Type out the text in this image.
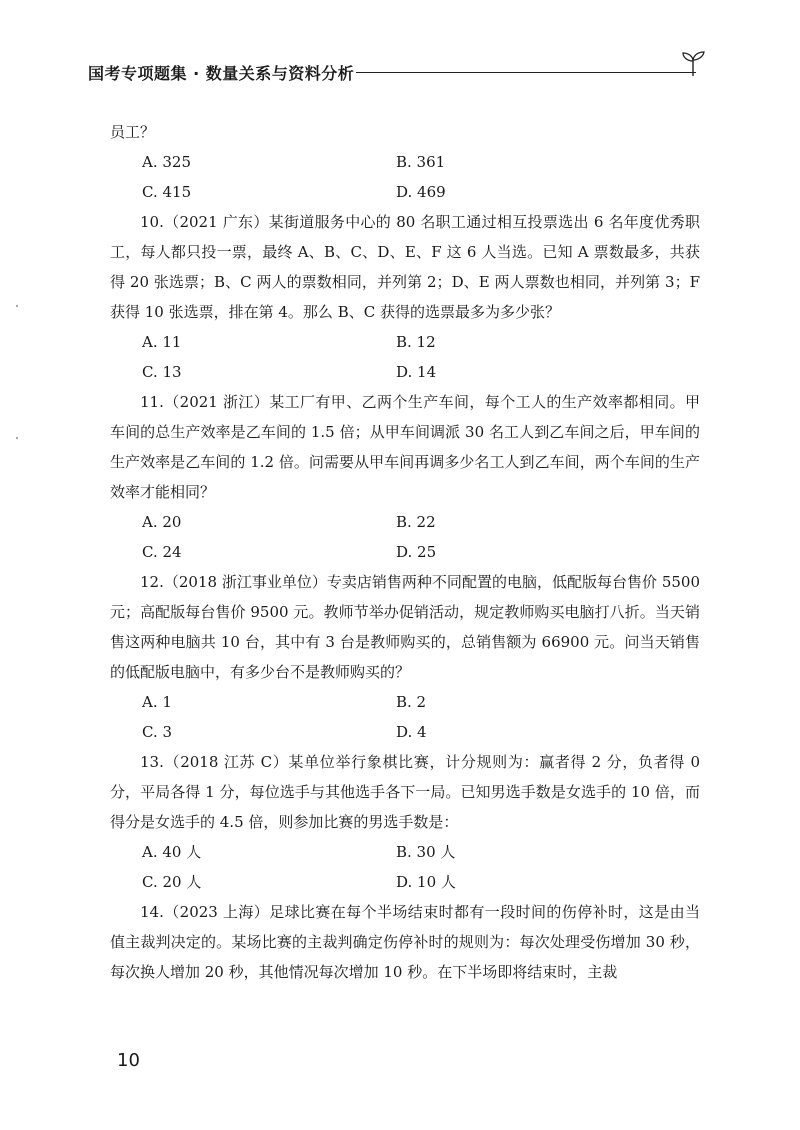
国考专项题集 · 数量关系与资料分析

员工？

A. 325	B. 361
C. 415	D. 469

10.（2021 广东）某街道服务中心的 80 名职工通过相互投票选出 6 名年度优秀职工，每人都只投一票，最终 A、B、C、D、E、F 这 6 人当选。已知 A 票数最多，共获得 20 张选票；B、C 两人的票数相同，并列第 2；D、E 两人票数也相同，并列第 3；F 获得 10 张选票，排在第 4。那么 B、C 获得的选票最多为多少张？

A. 11	B. 12
C. 13	D. 14

11.（2021 浙江）某工厂有甲、乙两个生产车间，每个工人的生产效率都相同。甲车间的总生产效率是乙车间的 1.5 倍；从甲车间调派 30 名工人到乙车间之后，甲车间的生产效率是乙车间的 1.2 倍。问需要从甲车间再调多少名工人到乙车间，两个车间的生产效率才能相同？

A. 20	B. 22
C. 24	D. 25

12.（2018 浙江事业单位）专卖店销售两种不同配置的电脑，低配版每台售价 5500 元；高配版每台售价 9500 元。教师节举办促销活动，规定教师购买电脑打八折。当天销售这两种电脑共 10 台，其中有 3 台是教师购买的，总销售额为 66900 元。问当天销售的低配版电脑中，有多少台不是教师购买的？

A. 1	B. 2
C. 3	D. 4

13.（2018 江苏 C）某单位举行象棋比赛，计分规则为：赢者得 2 分，负者得 0 分，平局各得 1 分，每位选手与其他选手各下一局。已知男选手数是女选手的 10 倍，而得分是女选手的 4.5 倍，则参加比赛的男选手数是：

A. 40 人	B. 30 人
C. 20 人	D. 10 人

14.（2023 上海）足球比赛在每个半场结束时都有一段时间的伤停补时，这是由当值主裁判决定的。某场比赛的主裁判确定伤停补时的规则为：每次处理受伤增加 30 秒，每次换人增加 20 秒，其他情况每次增加 10 秒。在下半场即将结束时，主裁

10
